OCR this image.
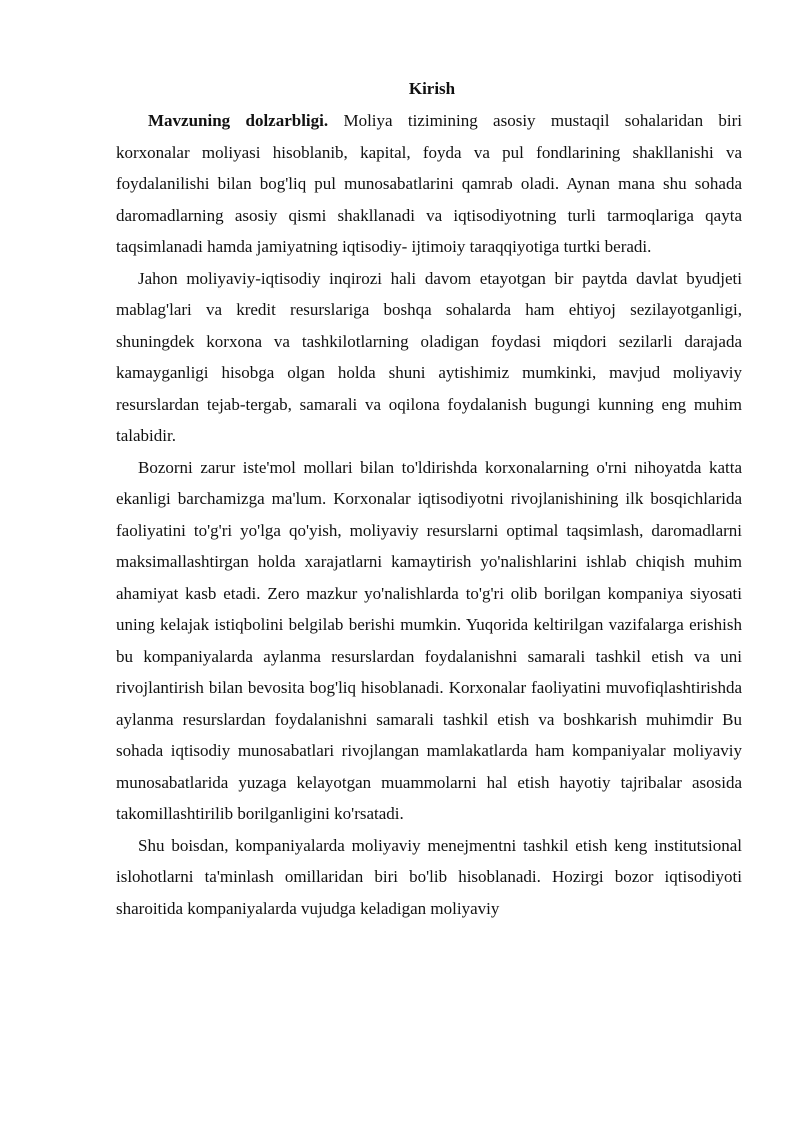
Kirish

Mavzuning dolzarbligi. Moliya tizimining asosiy mustaqil sohalaridan biri korxonalar moliyasi hisoblanib, kapital, foyda va pul fondlarining shakllanishi va foydalanilishi bilan bog'liq pul munosabatlarini qamrab oladi. Aynan mana shu sohada daromadlarning asosiy qismi shakllanadi va iqtisodiyotning turli tarmoqlariga qayta taqsimlanadi hamda jamiyatning iqtisodiy- ijtimoiy taraqqiyotiga turtki beradi.

Jahon moliyaviy-iqtisodiy inqirozi hali davom etayotgan bir paytda davlat byudjeti mablag'lari va kredit resurslariga boshqa sohalarda ham ehtiyoj sezilayotganligi, shuningdek korxona va tashkilotlarning oladigan foydasi miqdori sezilarli darajada kamayganligi hisobga olgan holda shuni aytishimiz mumkinki, mavjud moliyaviy resurslardan tejab-tergab, samarali va oqilona foydalanish bugungi kunning eng muhim talabidir.

Bozorni zarur iste'mol mollari bilan to'ldirishda korxonalarning o'rni nihoyatda katta ekanligi barchamizga ma'lum. Korxonalar iqtisodiyotni rivojlanishining ilk bosqichlarida faoliyatini to'g'ri yo'lga qo'yish, moliyaviy resurslarni optimal taqsimlash, daromadlarni maksimallashtirgan holda xarajatlarni kamaytirish yo'nalishlarini ishlab chiqish muhim ahamiyat kasb etadi. Zero mazkur yo'nalishlarda to'g'ri olib borilgan kompaniya siyosati uning kelajak istiqbolini belgilab berishi mumkin. Yuqorida keltirilgan vazifalarga erishish bu kompaniyalarda aylanma resurslardan foydalanishni samarali tashkil etish va uni rivojlantirish bilan bevosita bog'liq hisoblanadi. Korxonalar faoliyatini muvofiqlashtirishda aylanma resurslardan foydalanishni samarali tashkil etish va boshkarish muhimdir Bu sohada iqtisodiy munosabatlari rivojlangan mamlakatlarda ham kompaniyalar moliyaviy munosabatlarida yuzaga kelayotgan muammolarni hal etish hayotiy tajribalar asosida takomillashtirilib borilganligini ko'rsatadi.

Shu boisdan, kompaniyalarda moliyaviy menejmentni tashkil etish keng institutsional islohotlarni ta'minlash omillaridan biri bo'lib hisoblanadi. Hozirgi bozor iqtisodiyoti sharoitida kompaniyalarda vujudga keladigan moliyaviy
